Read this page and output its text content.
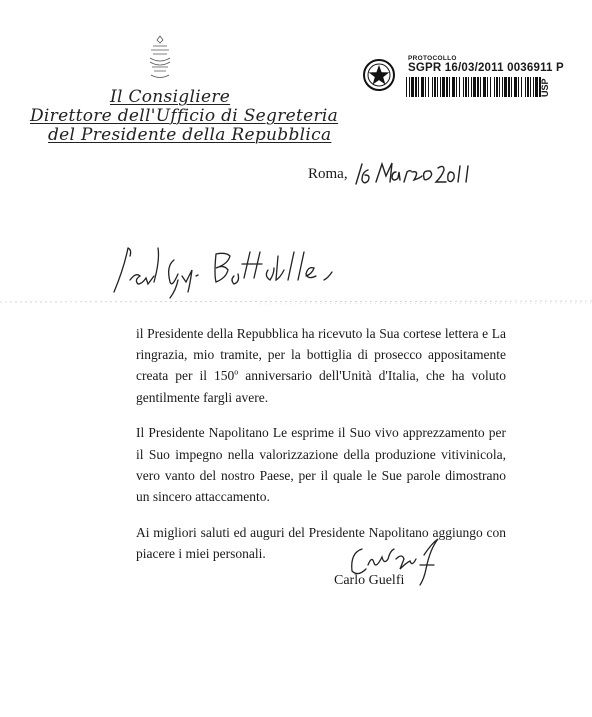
Il Consigliere
Direttore dell'Ufficio di Segreteria
del Presidente della Repubblica
PROTOCOLLO
SGPR 16/03/2011 0036911 P
USP
Roma,

il Presidente della Repubblica ha ricevuto la Sua cortese lettera e La ringrazia, mio tramite, per la bottiglia di prosecco appositamente creata per il 150$^o$ anniversario dell'Unità d'Italia, che ha voluto gentilmente fargli avere.

Il Presidente Napolitano Le esprime il Suo vivo apprezzamento per il Suo impegno nella valorizzazione della produzione vitivinicola, vero vanto del nostro Paese, per il quale le Sue parole dimostrano un sincero attaccamento.

Ai migliori saluti ed auguri del Presidente Napolitano aggiungo con piacere i miei personali.

Carlo Guelfi
